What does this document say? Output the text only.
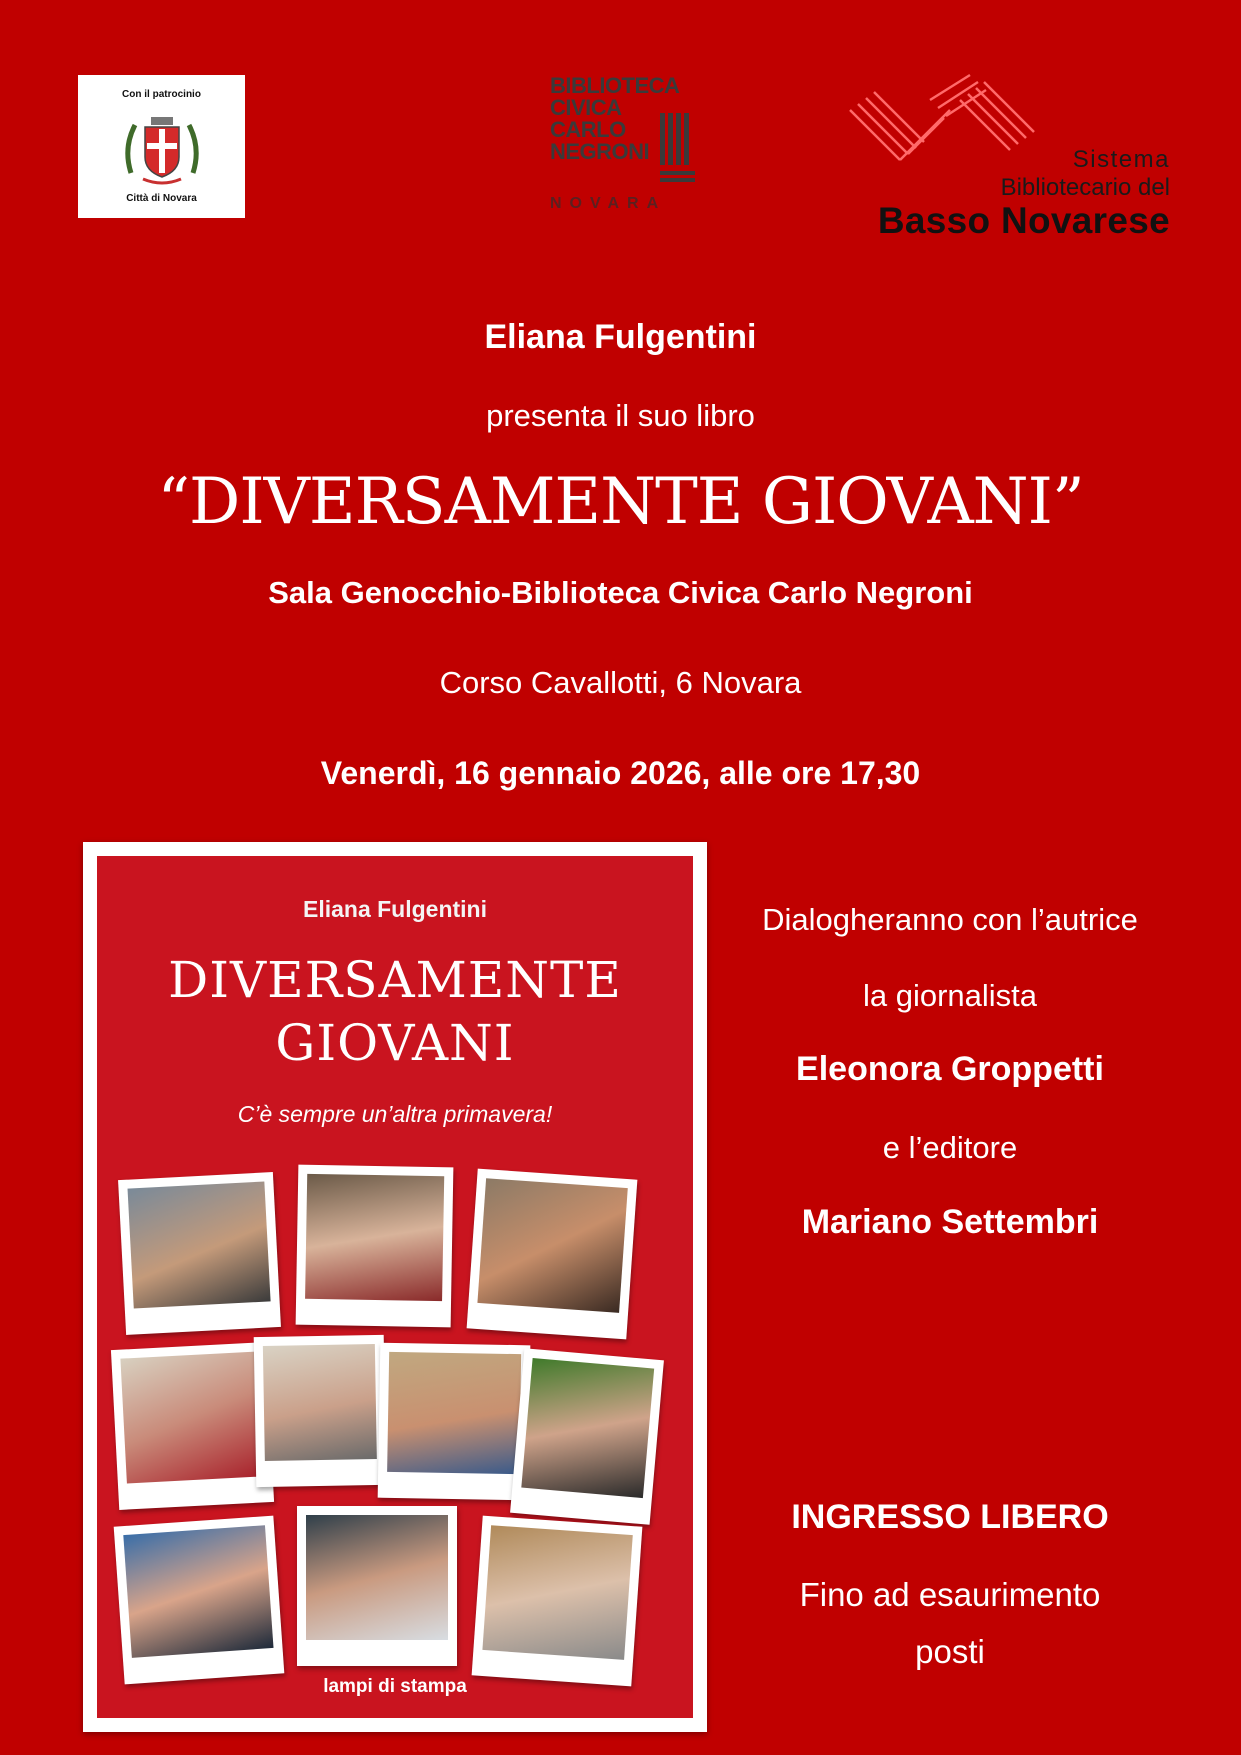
Con il patrocinio
Città di Novara
BIBLIOTECA
CIVICA
CARLO
NEGRONI
NOVARA
Sistema
Bibliotecario del
Basso Novarese
Eliana Fulgentini
presenta il suo libro
“DIVERSAMENTE GIOVANI”
Sala Genocchio-Biblioteca Civica Carlo Negroni
Corso Cavallotti, 6 Novara
Venerdì, 16 gennaio 2026, alle ore 17,30
Eliana Fulgentini
DIVERSAMENTE
GIOVANI
C’è sempre un’altra primavera!
lampi di stampa
Dialogheranno con l’autrice
la giornalista
Eleonora Groppetti
e l’editore
Mariano Settembri
INGRESSO LIBERO
Fino ad esaurimento
posti
